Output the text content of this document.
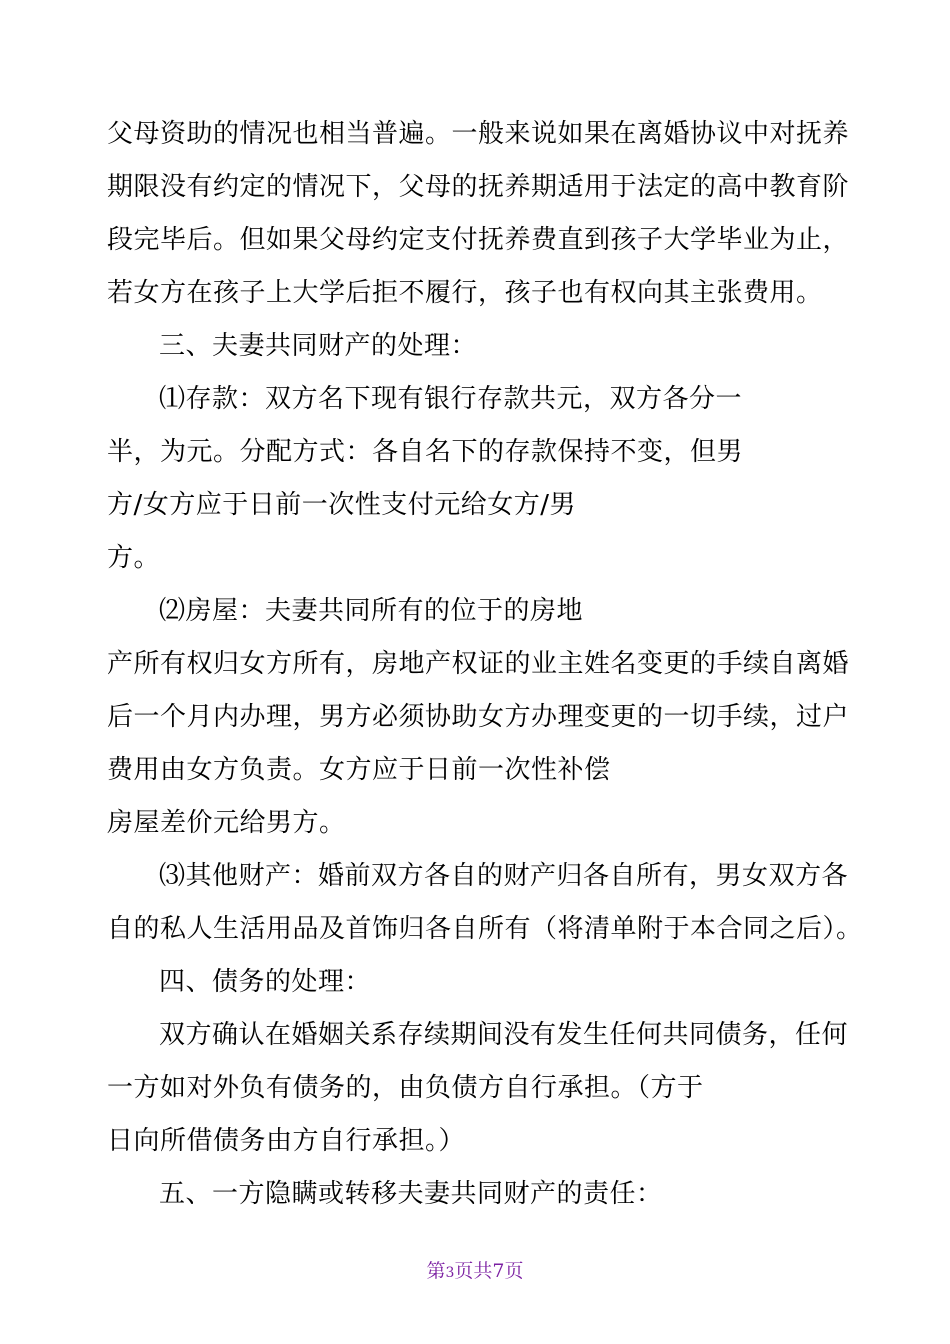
父母资助的情况也相当普遍。一般来说如果在离婚协议中对抚养
期限没有约定的情况下，父母的抚养期适用于法定的高中教育阶
段完毕后。但如果父母约定支付抚养费直到孩子大学毕业为止，
若女方在孩子上大学后拒不履行，孩子也有权向其主张费用。
三、夫妻共同财产的处理：
⑴存款：双方名下现有银行存款共元，双方各分一
半，为元。分配方式：各自名下的存款保持不变，但男
方/女方应于日前一次性支付元给女方/男
方。
⑵房屋：夫妻共同所有的位于的房地
产所有权归女方所有，房地产权证的业主姓名变更的手续自离婚
后一个月内办理，男方必须协助女方办理变更的一切手续，过户
费用由女方负责。女方应于日前一次性补偿
房屋差价元给男方。
⑶其他财产：婚前双方各自的财产归各自所有，男女双方各
自的私人生活用品及首饰归各自所有（将清单附于本合同之后）。
四、债务的处理：
双方确认在婚姻关系存续期间没有发生任何共同债务，任何
一方如对外负有债务的，由负债方自行承担。（方于
日向所借债务由方自行承担。）
五、一方隐瞒或转移夫妻共同财产的责任：
第3页共7页
